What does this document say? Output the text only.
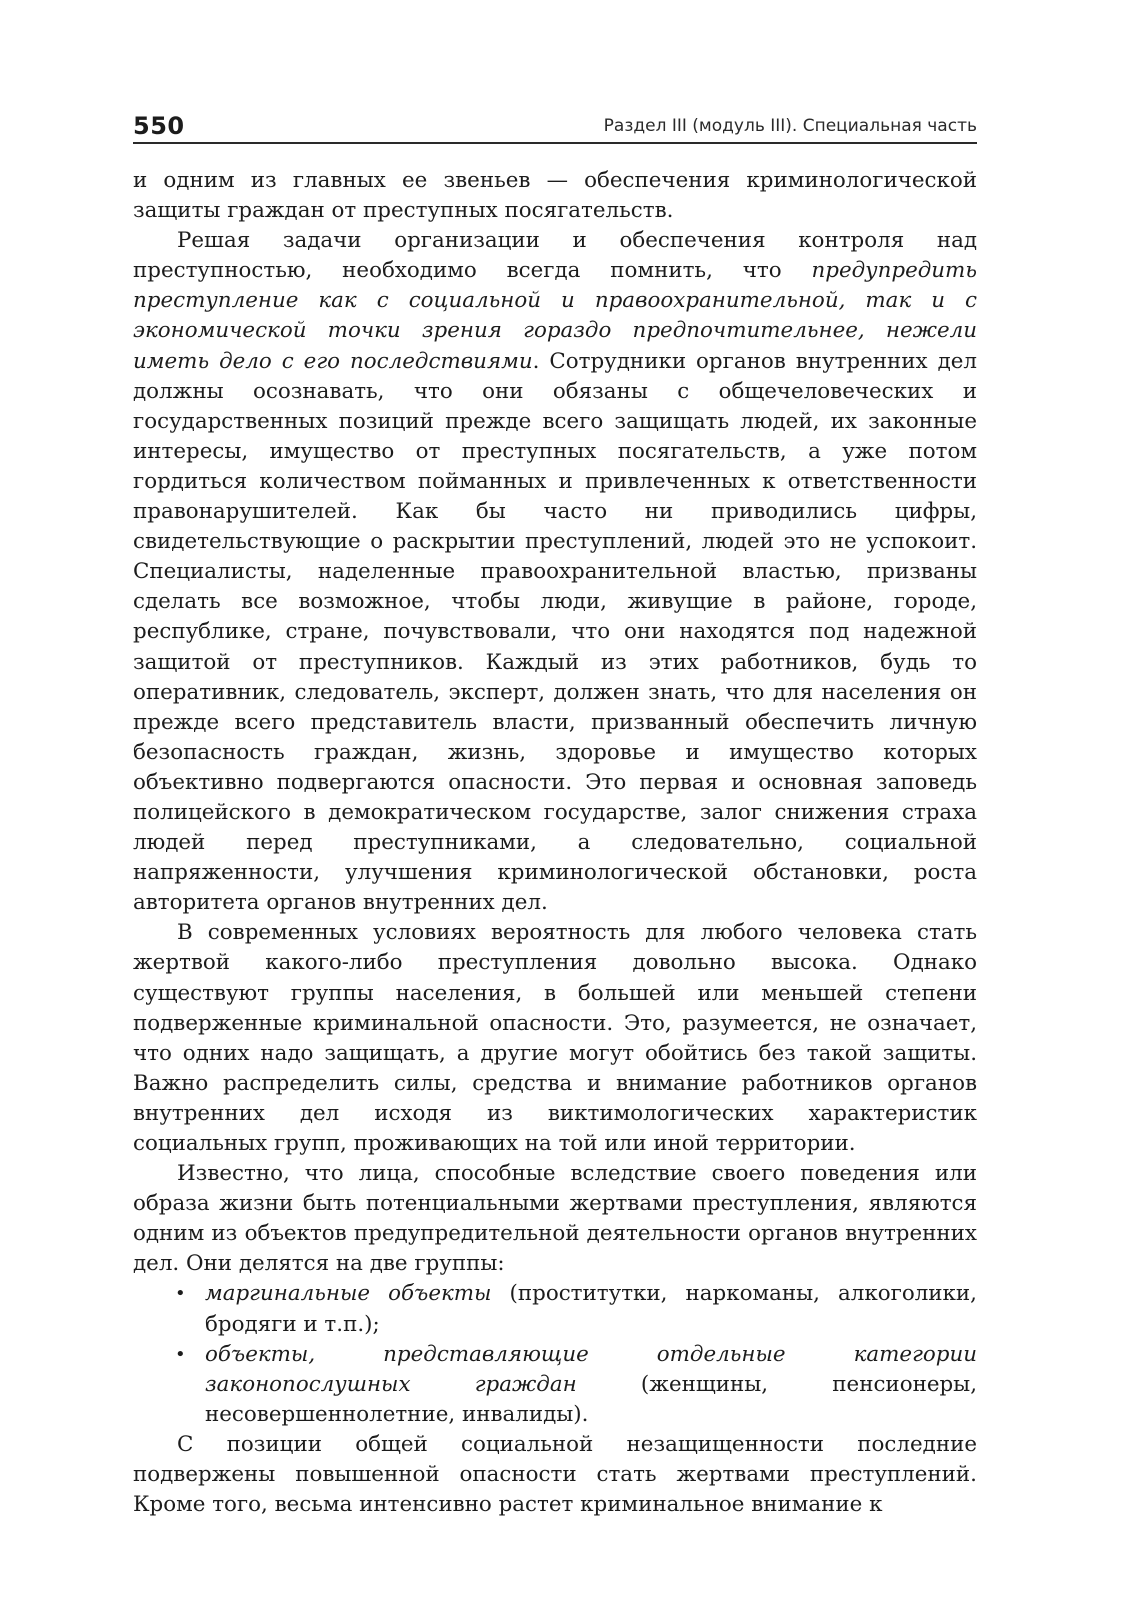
550	Раздел III (модуль III). Специальная часть

и одним из главных ее звеньев — обеспечения криминологической защиты граждан от преступных посягательств.

Решая задачи организации и обеспечения контроля над преступностью, необходимо всегда помнить, что предупредить преступление как с социальной и правоохранительной, так и с экономической точки зрения гораздо предпочтительнее, нежели иметь дело с его последствиями. Сотрудники органов внутренних дел должны осознавать, что они обязаны с общечеловеческих и государственных позиций прежде всего защищать людей, их законные интересы, имущество от преступных посягательств, а уже потом гордиться количеством пойманных и привлеченных к ответственности правонарушителей. Как бы часто ни приводились цифры, свидетельствующие о раскрытии преступлений, людей это не успокоит. Специалисты, наделенные правоохранительной властью, призваны сделать все возможное, чтобы люди, живущие в районе, городе, республике, стране, почувствовали, что они находятся под надежной защитой от преступников. Каждый из этих работников, будь то оперативник, следователь, эксперт, должен знать, что для населения он прежде всего представитель власти, призванный обеспечить личную безопасность граждан, жизнь, здоровье и имущество которых объективно подвергаются опасности. Это первая и основная заповедь полицейского в демократическом государстве, залог снижения страха людей перед преступниками, а следовательно, социальной напряженности, улучшения криминологической обстановки, роста авторитета органов внутренних дел.

В современных условиях вероятность для любого человека стать жертвой какого-либо преступления довольно высока. Однако существуют группы населения, в большей или меньшей степени подверженные криминальной опасности. Это, разумеется, не означает, что одних надо защищать, а другие могут обойтись без такой защиты. Важно распределить силы, средства и внимание работников органов внутренних дел исходя из виктимологических характеристик социальных групп, проживающих на той или иной территории.

Известно, что лица, способные вследствие своего поведения или образа жизни быть потенциальными жертвами преступления, являются одним из объектов предупредительной деятельности органов внутренних дел. Они делятся на две группы:

• маргинальные объекты (проститутки, наркоманы, алкоголики, бродяги и т.п.);
• объекты, представляющие отдельные категории законопослушных граждан (женщины, пенсионеры, несовершеннолетние, инвалиды).

С позиции общей социальной незащищенности последние подвержены повышенной опасности стать жертвами преступлений. Кроме того, весьма интенсивно растет криминальное внимание к
